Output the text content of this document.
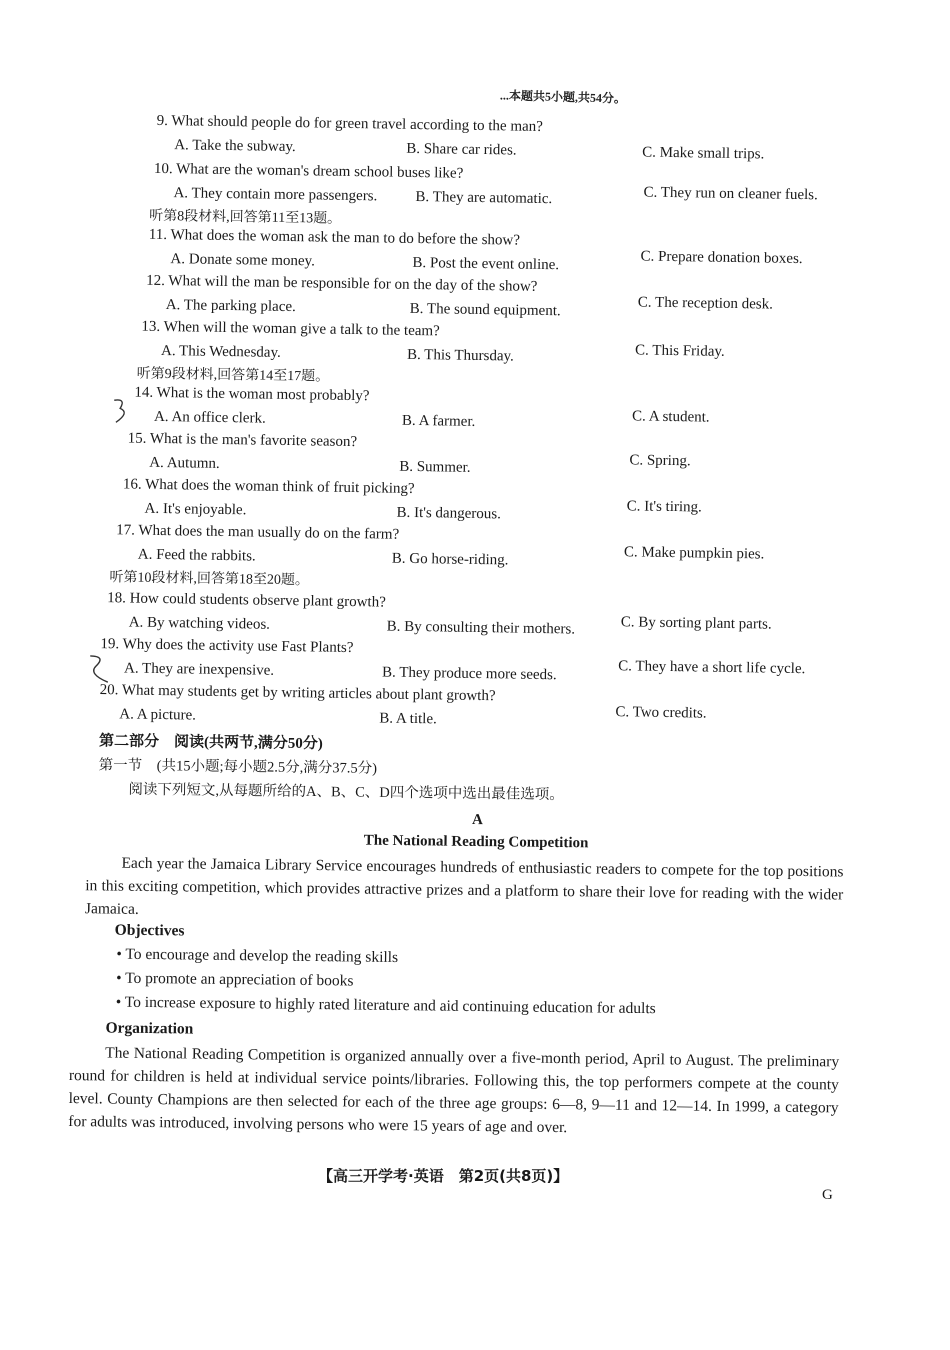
...本题共5小题,共54分。
9. What should people do for green travel according to the man?
A. Take the subway.	B. Share car rides.	C. Make small trips.
10. What are the woman's dream school buses like?
A. They contain more passengers.	B. They are automatic.	C. They run on cleaner fuels.
听第8段材料,回答第11至13题。
11. What does the woman ask the man to do before the show?
A. Donate some money.	B. Post the event online.	C. Prepare donation boxes.
12. What will the man be responsible for on the day of the show?
A. The parking place.	B. The sound equipment.	C. The reception desk.
13. When will the woman give a talk to the team?
A. This Wednesday.	B. This Thursday.	C. This Friday.
听第9段材料,回答第14至17题。
14. What is the woman most probably?
A. An office clerk.	B. A farmer.	C. A student.
15. What is the man's favorite season?
A. Autumn.	B. Summer.	C. Spring.
16. What does the woman think of fruit picking?
A. It's enjoyable.	B. It's dangerous.	C. It's tiring.
17. What does the man usually do on the farm?
A. Feed the rabbits.	B. Go horse-riding.	C. Make pumpkin pies.
听第10段材料,回答第18至20题。
18. How could students observe plant growth?
A. By watching videos.	B. By consulting their mothers.	C. By sorting plant parts.
19. Why does the activity use Fast Plants?
A. They are inexpensive.	B. They produce more seeds.	C. They have a short life cycle.
20. What may students get by writing articles about plant growth?
A. A picture.	B. A title.	C. Two credits.
第二部分　阅读(共两节,满分50分)
第一节　(共15小题;每小题2.5分,满分37.5分)
阅读下列短文,从每题所给的A、B、C、D四个选项中选出最佳选项。
A
The National Reading Competition
Each year the Jamaica Library Service encourages hundreds of enthusiastic readers to compete for the top positions in this exciting competition, which provides attractive prizes and a platform to share their love for reading with the wider Jamaica.
Objectives
• To encourage and develop the reading skills
• To promote an appreciation of books
• To increase exposure to highly rated literature and aid continuing education for adults
Organization
The National Reading Competition is organized annually over a five-month period, April to August. The preliminary round for children is held at individual service points/libraries. Following this, the top performers compete at the county level. County Champions are then selected for each of the three age groups: 6—8, 9—11 and 12—14. In 1999, a category for adults was introduced, involving persons who were 15 years of age and over.
【高三开学考·英语　第2页(共8页)】
G
